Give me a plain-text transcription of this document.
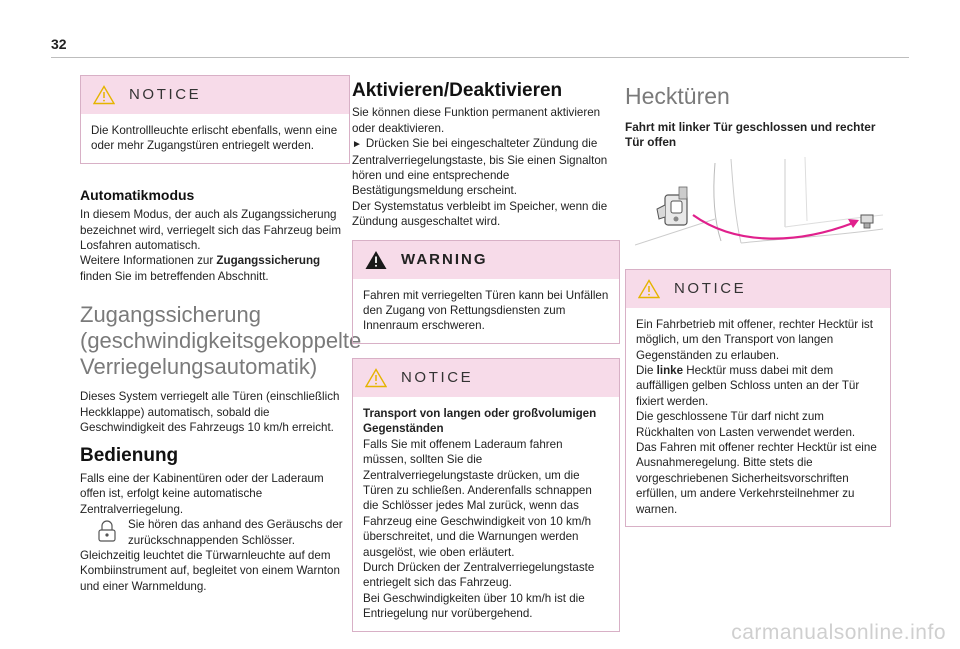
32
NOTICE

Die Kontrollleuchte erlischt ebenfalls, wenn eine oder mehr Zugangstüren entriegelt werden.

Automatikmodus

In diesem Modus, der auch als Zugangssicherung bezeichnet wird, verriegelt sich das Fahrzeug beim Losfahren automatisch.

Weitere Informationen zur Zugangssicherung finden Sie im betreffenden Abschnitt.

Zugangssicherung
(geschwindigkeitsgekoppelte
Verriegelungsautomatik)

Dieses System verriegelt alle Türen (einschließlich Heckklappe) automatisch, sobald die Geschwindigkeit des Fahrzeugs 10 km/h erreicht.

Bedienung

Falls eine der Kabinentüren oder der Laderaum offen ist, erfolgt keine automatische Zentralverriegelung.

Sie hören das anhand des Geräuschs der zurückschnappenden Schlösser. Gleichzeitig leuchtet die Türwarnleuchte auf dem Kombiinstrument auf, begleitet von einem Warnton und einer Warnmeldung.

Aktivieren/Deaktivieren

Sie können diese Funktion permanent aktivieren oder deaktivieren.

► Drücken Sie bei eingeschalteter Zündung die Zentralverriegelungstaste, bis Sie einen Signalton hören und eine entsprechende Bestätigungsmeldung erscheint.

Der Systemstatus verbleibt im Speicher, wenn die Zündung ausgeschaltet wird.

WARNING

Fahren mit verriegelten Türen kann bei Unfällen den Zugang von Rettungsdiensten zum Innenraum erschweren.

NOTICE

Transport von langen oder großvolumigen Gegenständen

Falls Sie mit offenem Laderaum fahren müssen, sollten Sie die Zentralverriegelungstaste drücken, um die Türen zu schließen. Anderenfalls schnappen die Schlösser jedes Mal zurück, wenn das Fahrzeug eine Geschwindigkeit von 10 km/h überschreitet, und die Warnungen werden ausgelöst, wie oben erläutert.

Durch Drücken der Zentralverriegelungstaste entriegelt sich das Fahrzeug.

Bei Geschwindigkeiten über 10 km/h ist die Entriegelung nur vorübergehend.

Hecktüren

Fahrt mit linker Tür geschlossen und rechter Tür offen

NOTICE

Ein Fahrbetrieb mit offener, rechter Hecktür ist möglich, um den Transport von langen Gegenständen zu erlauben.

Die linke Hecktür muss dabei mit dem auffälligen gelben Schloss unten an der Tür fixiert werden.

Die geschlossene Tür darf nicht zum Rückhalten von Lasten verwendet werden.

Das Fahren mit offener rechter Hecktür ist eine Ausnahmeregelung. Bitte stets die vorgeschriebenen Sicherheitsvorschriften erfüllen, um andere Verkehrsteilnehmer zu warnen.

carmanualsonline.info
